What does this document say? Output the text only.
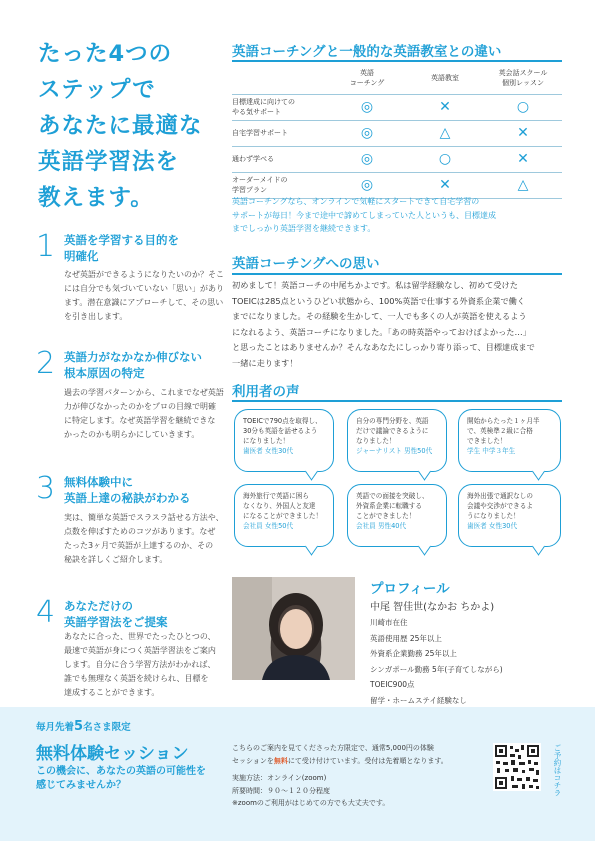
たった4つの
ステップで
あなたに最適な
英語学習法を
教えます。
1 英語を学習する目的を
明確化
なぜ英語ができるようになりたいのか？そこ
には自分でも気づいていない「思い」があり
ます。潜在意識にアプローチして、その思い
を引き出します。
2 英語力がなかなか伸びない
根本原因の特定
過去の学習パターンから、これまでなぜ英語
力が伸びなかったのかをプロの目線で明確
に特定します。なぜ英語学習を継続できな
かったのかも明らかにしていきます。
3 無料体験中に
英語上達の秘訣がわかる
実は、簡単な英語でスラスラ話せる方法や、
点数を伸ばすためのコツがあります。なぜ
たった3ヶ月で英語が上達するのか、その
秘訣を詳しくご紹介します。
4 あなただけの
英語学習法をご提案
あなたに合った、世界でたったひとつの、
最速で英語が身につく英語学習法をご案内
します。自分に合う学習方法がわかれば、
誰でも無理なく英語を続けられ、目標を
達成することができます。
英語コーチングと一般的な英語教室との違い
	英語
コーチング	英語教室	英会話スクール
個別レッスン
目標達成に向けての
やる気サポート	◎	✕	○
自宅学習サポート	◎	△	✕
通わず学べる	◎	○	✕
オーダーメイドの
学習プラン	◎	✕	△
英語コーチングなら、オンラインで気軽にスタートできて自宅学習の
サポートが毎日！今まで途中で諦めてしまっていた人というも、目標達成
までしっかり英語学習を継続できます。
英語コーチングへの思い
初めまして！英語コーチの中尾ちかよです。私は留学経験なし、初めて受けた
TOEICは285点というひどい状態から、100%英語で仕事する外資系企業で働く
までになりました。その経験を生かして、一人でも多くの人が英語を使えるよう
になれるよう、英語コーチになりました。「あの時英語やっておけばよかった…」
と思ったことはありませんか？そんなあなたにしっかり寄り添って、目標達成まで
一緒に走ります！
利用者の声
TOEICで790点を取得し、
30分も英語を話せるよう
になりました！
歯医者 女性30代
自分の専門分野を、英語
だけで議論できるように
なりました！
ジャーナリスト 男性50代
開始からたった１ヶ月半
で、英検準２級に合格
できました！
学生 中学３年生
海外旅行で英語に困ら
なくなり、外国人と友達
になることができました！
会社員 女性50代
英語での面接を突破し、
外資系企業に転職する
ことができました！
会社員 男性40代
海外出張で通訳なしの
会議や交渉ができるよ
うになりました！
歯医者 女性30代
プロフィール
中尾 智佳世(なかお ちかよ)
川崎市在住
英語使用歴 25年以上
外資系企業勤務 25年以上
シンガポール勤務 5年(子育てしながら)
TOEIC900点
留学・ホームステイ経験なし
毎月先着5名さま限定
無料体験セッション
この機会に、あなたの英語の可能性を
感じてみませんか？
こちらのご案内を見てくださった方限定で、通常5,000円の体験
セッションを無料にて受け付けています。受付は先着順となります。
実施方法：オンライン(zoom)
所要時間：９０～１２０分程度
※zoomのご利用がはじめての方でも大丈夫です。
ご予約はコチラ
